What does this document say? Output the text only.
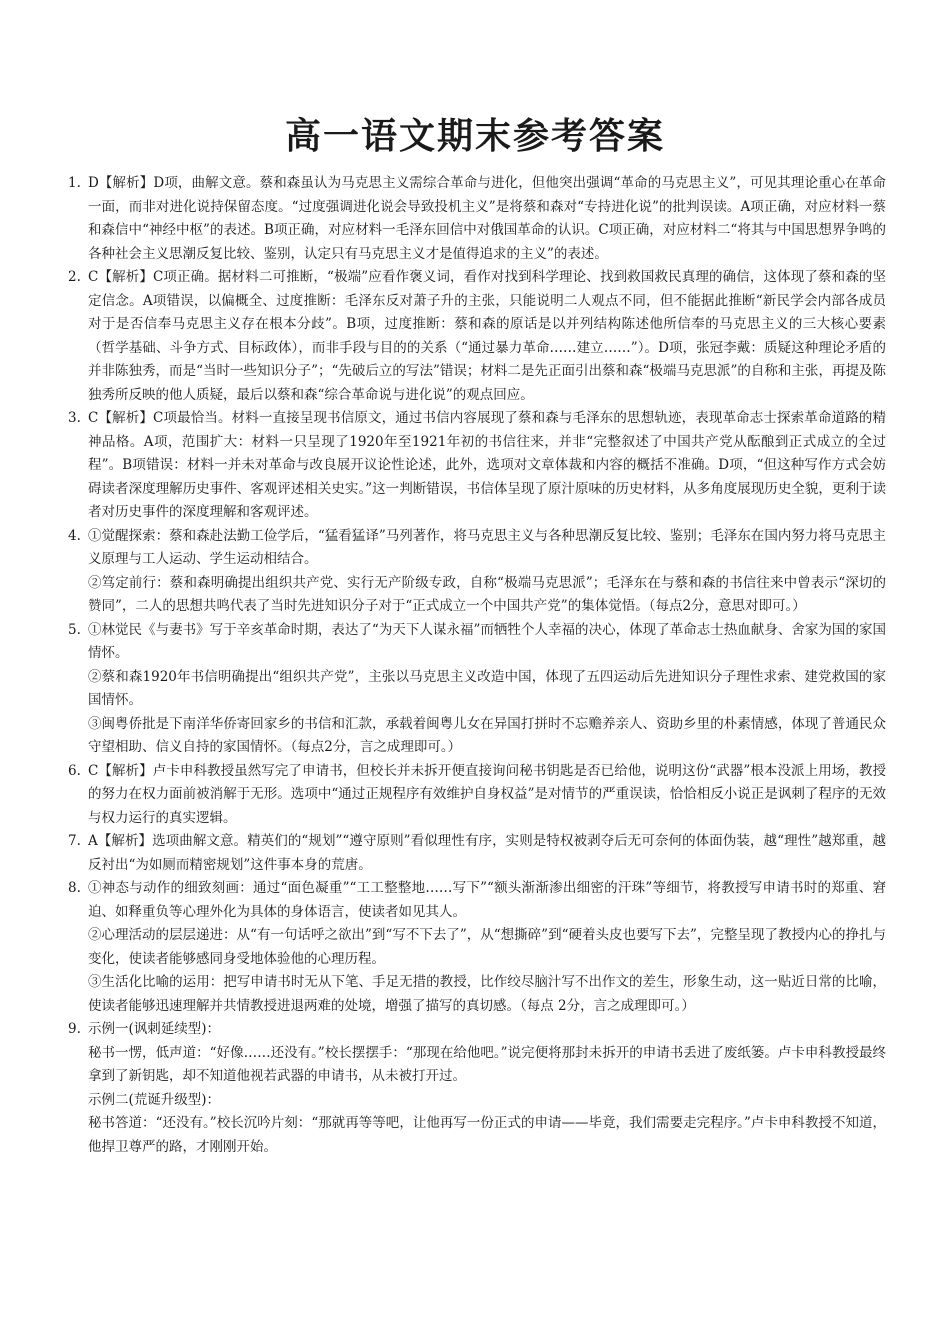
高一语文期末参考答案
1. D【解析】D项，曲解文意。蔡和森虽认为马克思主义需综合革命与进化，但他突出强调“革命的马克思主义”，可见其理论重心在革命一面，而非对进化说持保留态度。“过度强调进化说会导致投机主义”是将蔡和森对“专持进化说”的批判误读。A项正确，对应材料一蔡和森信中“神经中枢”的表述。B项正确，对应材料一毛泽东回信中对俄国革命的认识。C项正确，对应材料二“将其与中国思想界争鸣的各种社会主义思潮反复比较、鉴别，认定只有马克思主义才是值得追求的主义”的表述。

2. C【解析】C项正确。据材料二可推断，“极端”应看作褒义词，看作对找到科学理论、找到救国救民真理的确信，这体现了蔡和森的坚定信念。A项错误，以偏概全、过度推断：毛泽东反对萧子升的主张，只能说明二人观点不同，但不能据此推断“新民学会内部各成员对于是否信奉马克思主义存在根本分歧”。B项，过度推断：蔡和森的原话是以并列结构陈述他所信奉的马克思主义的三大核心要素（哲学基础、斗争方式、目标政体），而非手段与目的的关系（“通过暴力革命……建立……”）。D项，张冠李戴：质疑这种理论矛盾的并非陈独秀，而是“当时一些知识分子”；“先破后立的写法”错误；材料二是先正面引出蔡和森“极端马克思派”的自称和主张，再提及陈独秀所反映的他人质疑，最后以蔡和森“综合革命说与进化说”的观点回应。

3. C【解析】C项最恰当。材料一直接呈现书信原文，通过书信内容展现了蔡和森与毛泽东的思想轨迹，表现革命志士探索革命道路的精神品格。A项，范围扩大：材料一只呈现了1920年至1921年初的书信往来，并非“完整叙述了中国共产党从酝酿到正式成立的全过程”。B项错误：材料一并未对革命与改良展开议论性论述，此外，选项对文章体裁和内容的概括不准确。D项，“但这种写作方式会妨碍读者深度理解历史事件、客观评述相关史实。”这一判断错误，书信体呈现了原汁原味的历史材料，从多角度展现历史全貌，更利于读者对历史事件的深度理解和客观评述。

4. ①觉醒探索：蔡和森赴法勤工俭学后，“猛看猛译”马列著作，将马克思主义与各种思潮反复比较、鉴别；毛泽东在国内努力将马克思主义原理与工人运动、学生运动相结合。

②笃定前行：蔡和森明确提出组织共产党、实行无产阶级专政，自称“极端马克思派”；毛泽东在与蔡和森的书信往来中曾表示“深切的赞同”，二人的思想共鸣代表了当时先进知识分子对于“正式成立一个中国共产党”的集体觉悟。（每点2分，意思对即可。）

5. ①林觉民《与妻书》写于辛亥革命时期，表达了“为天下人谋永福”而牺牲个人幸福的决心，体现了革命志士热血献身、舍家为国的家国情怀。

②蔡和森1920年书信明确提出“组织共产党”，主张以马克思主义改造中国，体现了五四运动后先进知识分子理性求索、建党救国的家国情怀。

③闽粤侨批是下南洋华侨寄回家乡的书信和汇款，承载着闽粤儿女在异国打拼时不忘赡养亲人、资助乡里的朴素情感，体现了普通民众守望相助、信义自持的家国情怀。（每点2分，言之成理即可。）

6. C【解析】卢卡申科教授虽然写完了申请书，但校长并未拆开便直接询问秘书钥匙是否已给他，说明这份“武器”根本没派上用场，教授的努力在权力面前被消解于无形。选项中“通过正规程序有效维护自身权益”是对情节的严重误读，恰恰相反小说正是讽刺了程序的无效与权力运行的真实逻辑。

7. A【解析】选项曲解文意。精英们的“规划”“遵守原则”看似理性有序，实则是特权被剥夺后无可奈何的体面伪装，越“理性”越郑重，越反衬出“为如厕而精密规划”这件事本身的荒唐。

8. ①神态与动作的细致刻画：通过“面色凝重”“工工整整地……写下”“额头渐渐渗出细密的汗珠”等细节，将教授写申请书时的郑重、窘迫、如释重负等心理外化为具体的身体语言，使读者如见其人。

②心理活动的层层递进：从“有一句话呼之欲出”到“写不下去了”，从“想撕碎”到“硬着头皮也要写下去”，完整呈现了教授内心的挣扎与变化，使读者能够感同身受地体验他的心理历程。

③生活化比喻的运用：把写申请书时无从下笔、手足无措的教授，比作绞尽脑汁写不出作文的差生，形象生动，这一贴近日常的比喻，使读者能够迅速理解并共情教授进退两难的处境，增强了描写的真切感。（每点 2分，言之成理即可。）

9. 示例一(讽刺延续型)：

秘书一愣，低声道：“好像……还没有。”校长摆摆手：“那现在给他吧。”说完便将那封未拆开的申请书丢进了废纸篓。卢卡申科教授最终拿到了新钥匙，却不知道他视若武器的申请书，从未被打开过。

示例二(荒诞升级型)：

秘书答道：“还没有。”校长沉吟片刻：“那就再等等吧，让他再写一份正式的申请——毕竟，我们需要走完程序。”卢卡申科教授不知道，他捍卫尊严的路，才刚刚开始。
